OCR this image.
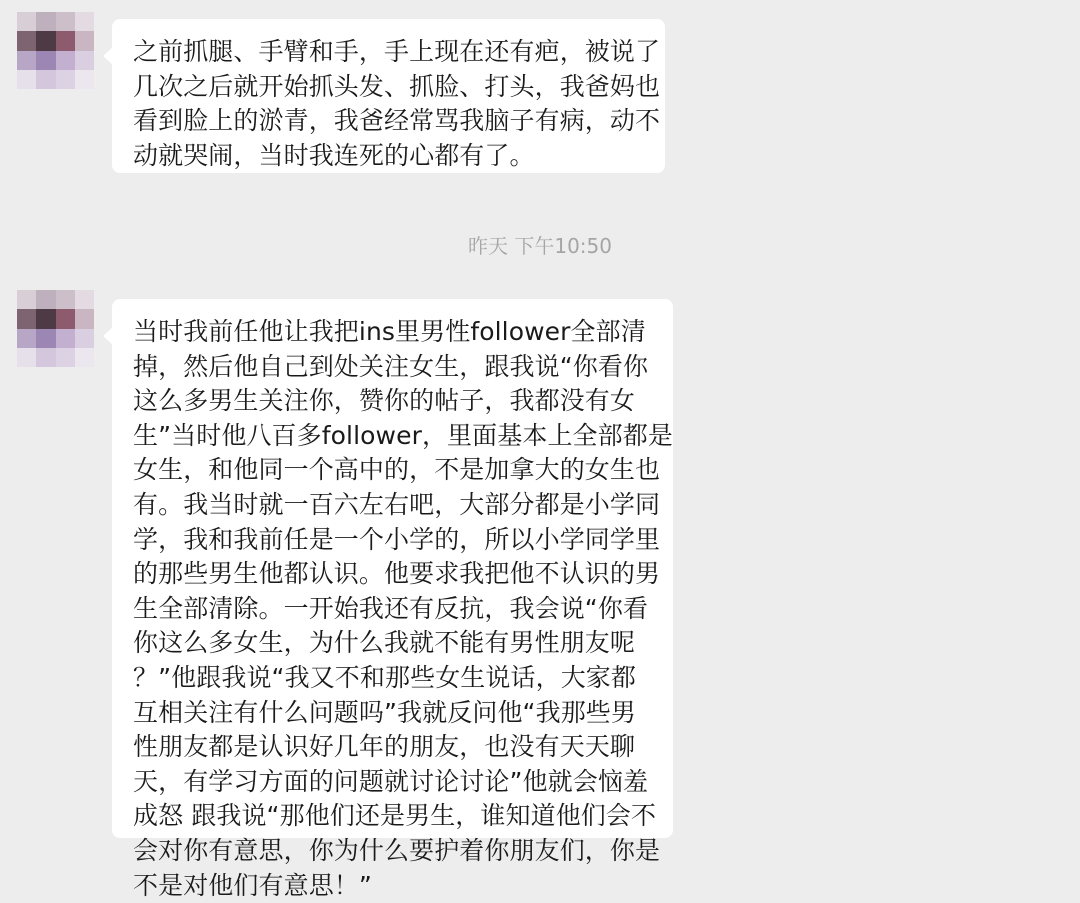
之前抓腿、手臂和手，手上现在还有疤，被说了
几次之后就开始抓头发、抓脸、打头，我爸妈也
看到脸上的淤青，我爸经常骂我脑子有病，动不
动就哭闹，当时我连死的心都有了。
昨天 下午10:50
当时我前任他让我把ins里男性follower全部清
掉，然后他自己到处关注女生，跟我说“你看你
这么多男生关注你，赞你的帖子，我都没有女
生”当时他八百多follower，里面基本上全部都是
女生，和他同一个高中的，不是加拿大的女生也
有。我当时就一百六左右吧，大部分都是小学同
学，我和我前任是一个小学的，所以小学同学里
的那些男生他都认识。他要求我把他不认识的男
生全部清除。一开始我还有反抗，我会说“你看
你这么多女生，为什么我就不能有男性朋友呢
？”他跟我说“我又不和那些女生说话，大家都
互相关注有什么问题吗”我就反问他“我那些男
性朋友都是认识好几年的朋友，也没有天天聊
天，有学习方面的问题就讨论讨论”他就会恼羞
成怒 跟我说“那他们还是男生，谁知道他们会不
会对你有意思，你为什么要护着你朋友们，你是
不是对他们有意思！”
